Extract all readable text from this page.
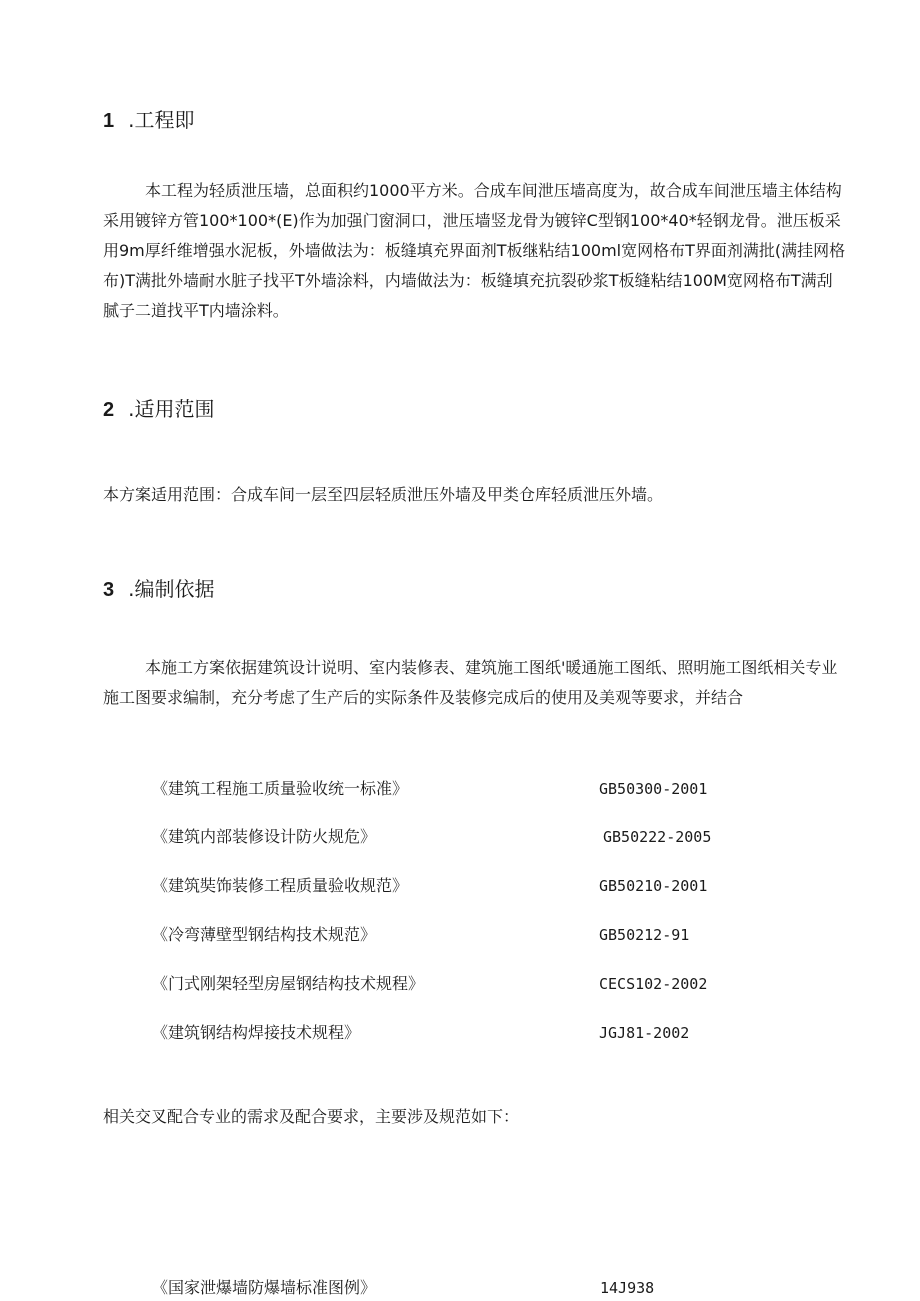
1 .工程即

本工程为轻质泄压墙，总面积约1000平方米。合成车间泄压墙高度为，故合成车间泄压墙主体结构采用镀锌方管100*100*(E)作为加强门窗洞口，泄压墙竖龙骨为镀锌C型钢100*40*轻钢龙骨。泄压板采用9m厚纤维增强水泥板，外墙做法为：板缝填充界面剂T板继粘结100ml宽网格布T界面剂满批(满挂网格布)T满批外墙耐水脏子找平T外墙涂料，内墙做法为：板缝填充抗裂砂浆T板缝粘结100M宽网格布T满刮腻子二道找平T内墙涂料。

2 .适用范围

本方案适用范围：合成车间一层至四层轻质泄压外墙及甲类仓库轻质泄压外墙。

3 .编制依据

本施工方案依据建筑设计说明、室内装修表、建筑施工图纸'暖通施工图纸、照明施工图纸相关专业施工图要求编制，充分考虑了生产后的实际条件及装修完成后的使用及美观等要求，并结合

《建筑工程施工质量验收统一标准》	GB50300-2001
《建筑内部装修设计防火规危》	GB50222-2005
《建筑奘饰装修工程质量验收规范》	GB50210-2001
《冷弯薄壁型钢结构技术规范》	GB50212-91
《门式刚架轻型房屋钢结构技术规程》	CECS102-2002
《建筑钢结构焊接技术规程》	JGJ81-2002

相关交叉配合专业的需求及配合要求，主要涉及规范如下：

《国家泄爆墙防爆墙标准图例》	14J938
